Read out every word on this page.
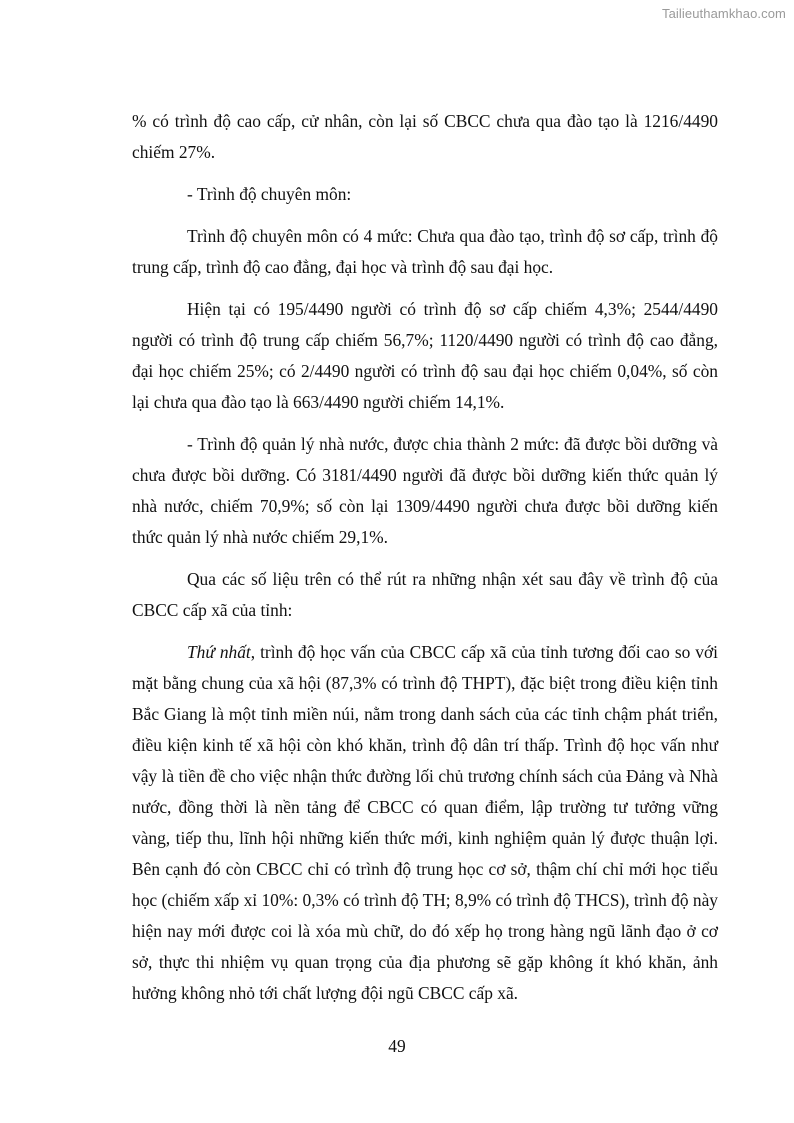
Tailieuthamkhao.com

% có trình độ cao cấp, cử nhân, còn lại số CBCC chưa qua đào tạo là 1216/4490 chiếm 27%.

- Trình độ chuyên môn:

Trình độ chuyên môn có 4 mức: Chưa qua đào tạo, trình độ sơ cấp, trình độ trung cấp, trình độ cao đẳng, đại học và trình độ sau đại học.

Hiện tại có 195/4490 người có trình độ sơ cấp chiếm 4,3%; 2544/4490 người có trình độ trung cấp chiếm 56,7%; 1120/4490 người có trình độ cao đẳng, đại học chiếm 25%; có 2/4490 người có trình độ sau đại học chiếm 0,04%, số còn lại chưa qua đào tạo là 663/4490 người chiếm 14,1%.

- Trình độ quản lý nhà nước, được chia thành 2 mức: đã được bồi dưỡng và chưa được bồi dưỡng. Có 3181/4490 người đã được bồi dưỡng kiến thức quản lý nhà nước, chiếm 70,9%; số còn lại 1309/4490 người chưa được bồi dưỡng kiến thức quản lý nhà nước chiếm 29,1%.

Qua các số liệu trên có thể rút ra những nhận xét sau đây về trình độ của CBCC cấp xã của tỉnh:

Thứ nhất, trình độ học vấn của CBCC cấp xã của tỉnh tương đối cao so với mặt bằng chung của xã hội (87,3% có trình độ THPT), đặc biệt trong điều kiện tỉnh Bắc Giang là một tỉnh miền núi, nằm trong danh sách của các tỉnh chậm phát triển, điều kiện kinh tế xã hội còn khó khăn, trình độ dân trí thấp. Trình độ học vấn như vậy là tiền đề cho việc nhận thức đường lối chủ trương chính sách của Đảng và Nhà nước, đồng thời là nền tảng để CBCC có quan điểm, lập trường tư tưởng vững vàng, tiếp thu, lĩnh hội những kiến thức mới, kinh nghiệm quản lý được thuận lợi. Bên cạnh đó còn CBCC chỉ có trình độ trung học cơ sở, thậm chí chỉ mới học tiểu học (chiếm xấp xỉ 10%: 0,3% có trình độ TH; 8,9% có trình độ THCS), trình độ này hiện nay mới được coi là xóa mù chữ, do đó xếp họ trong hàng ngũ lãnh đạo ở cơ sở, thực thi nhiệm vụ quan trọng của địa phương sẽ gặp không ít khó khăn, ảnh hưởng không nhỏ tới chất lượng đội ngũ CBCC cấp xã.

49
